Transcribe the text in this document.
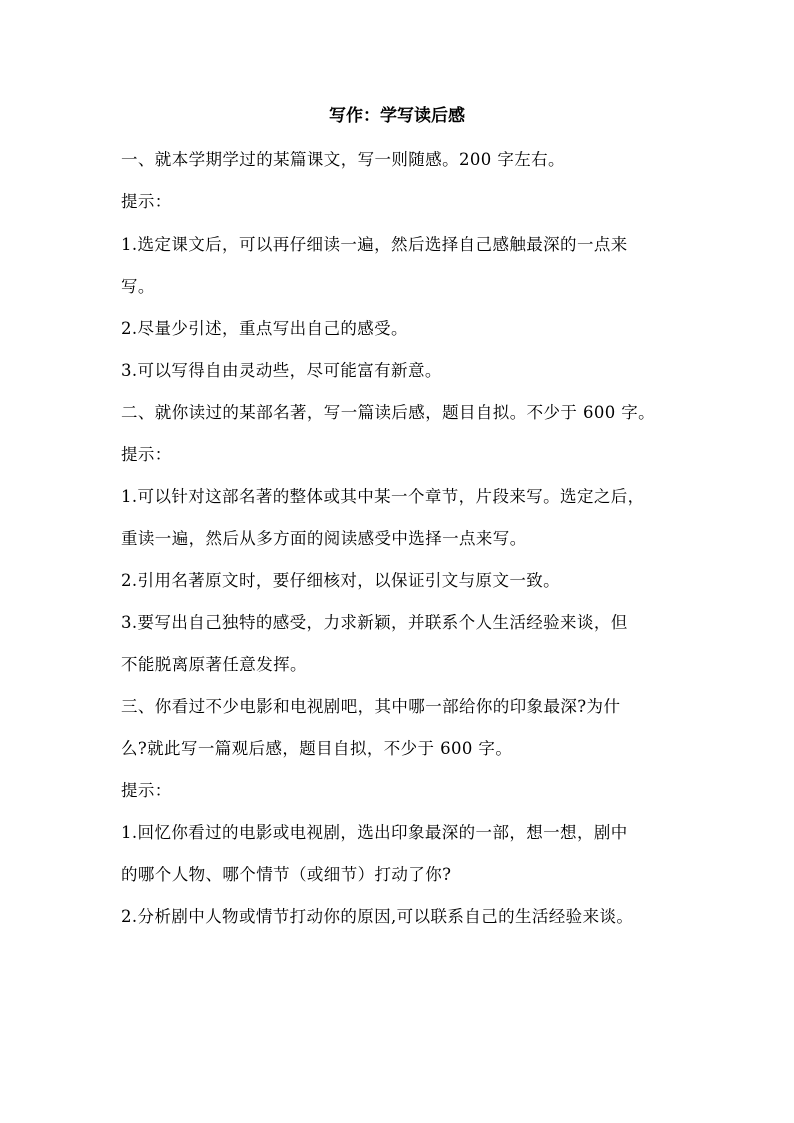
写作：学写读后感
一、就本学期学过的某篇课文，写一则随感。200 字左右。
提示：
1.选定课文后，可以再仔细读一遍，然后选择自己感触最深的一点来
写。
2.尽量少引述，重点写出自己的感受。
3.可以写得自由灵动些，尽可能富有新意。
二、就你读过的某部名著，写一篇读后感，题目自拟。不少于 600 字。
提示：
1.可以针对这部名著的整体或其中某一个章节，片段来写。选定之后，
重读一遍，然后从多方面的阅读感受中选择一点来写。
2.引用名著原文时，要仔细核对，以保证引文与原文一致。
3.要写出自己独特的感受，力求新颖，并联系个人生活经验来谈，但
不能脱离原著任意发挥。
三、你看过不少电影和电视剧吧，其中哪一部给你的印象最深?为什
么?就此写一篇观后感，题目自拟，不少于 600 字。
提示：
1.回忆你看过的电影或电视剧，选出印象最深的一部，想一想，剧中
的哪个人物、哪个情节（或细节）打动了你?
2.分析剧中人物或情节打动你的原因,可以联系自己的生活经验来谈。
